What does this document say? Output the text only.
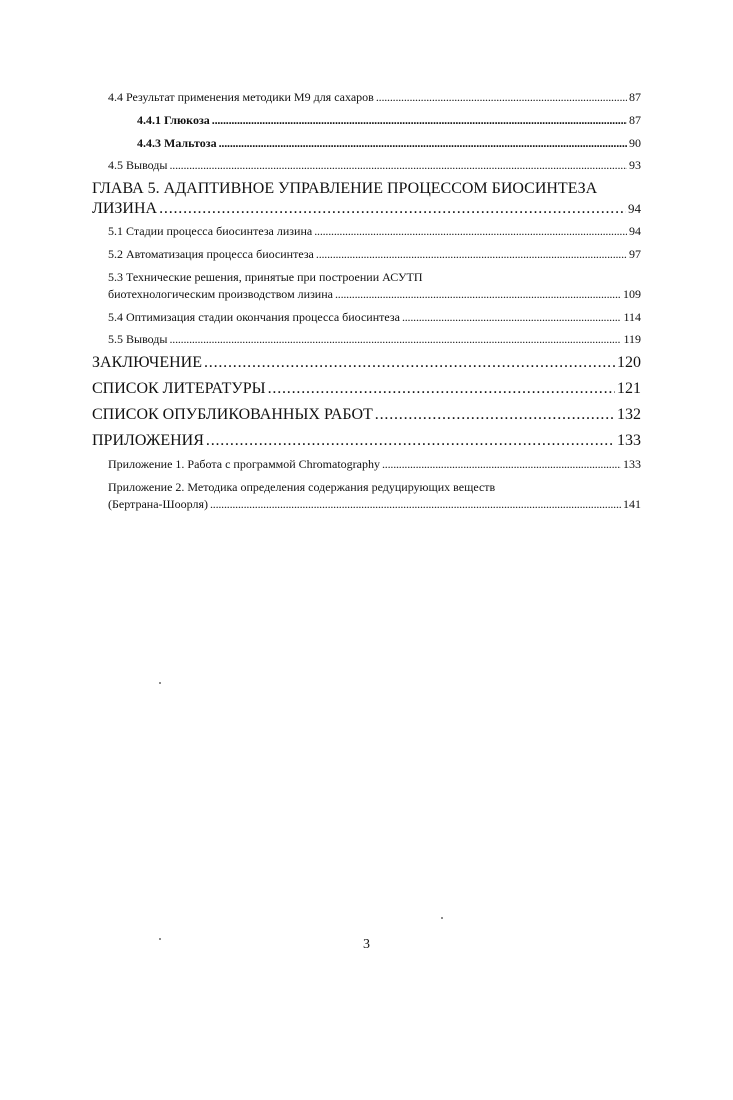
4.4 Результат применения методики М9 для сахаров . . .	87
4.4.1 Глюкоза . . .	87
4.4.3 Мальтоза . . .	90
4.5 Выводы . . .	93
ГЛАВА 5. АДАПТИВНОЕ УПРАВЛЕНИЕ ПРОЦЕССОМ БИОСИНТЕЗА
ЛИЗИНА . . .	94
5.1 Стадии процесса биосинтеза лизина . . .	94
5.2 Автоматизация процесса биосинтеза . . .	97
5.3 Технические решения, принятые при построении АСУТП
биотехнологическим производством лизина . . .	109
5.4 Оптимизация стадии окончания процесса биосинтеза . . .	114
5.5 Выводы . . .	119
ЗАКЛЮЧЕНИЕ . . .	120
СПИСОК ЛИТЕРАТУРЫ . . .	121
СПИСОК ОПУБЛИКОВАННЫХ РАБОТ . . .	132
ПРИЛОЖЕНИЯ . . .	133
Приложение 1. Работа с программой Chromatography . . .	133
Приложение 2. Методика определения содержания редуцирующих веществ
(Бертрана-Шоорля) . . .	141
3
